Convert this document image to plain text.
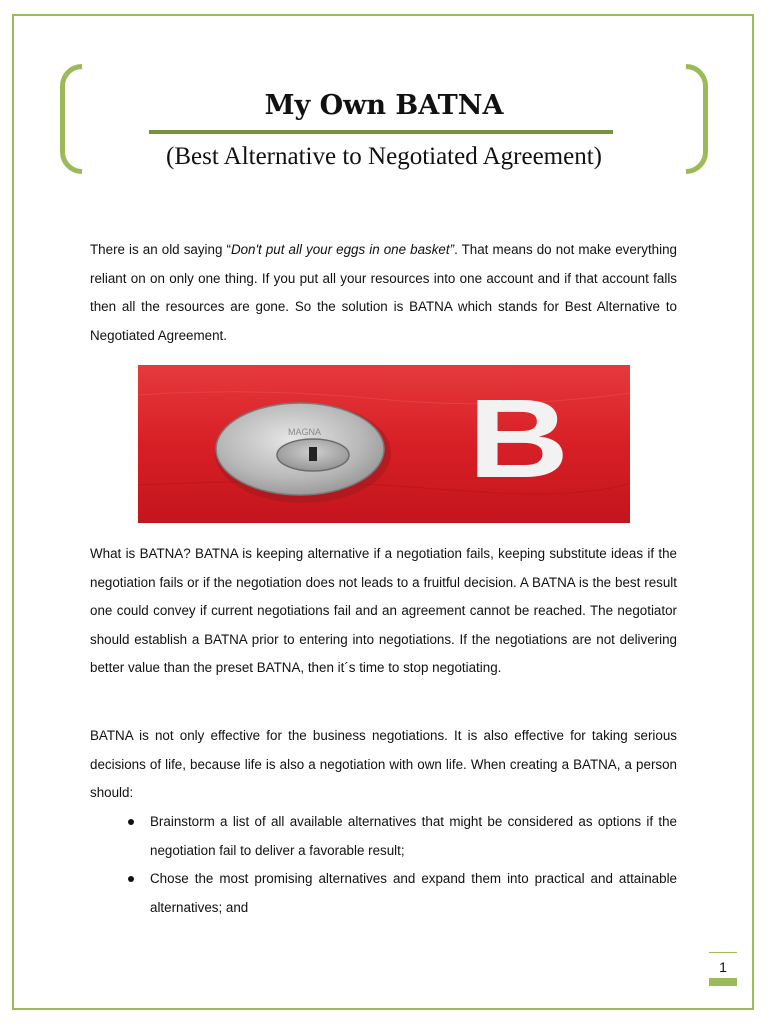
My Own BATNA
(Best Alternative to Negotiated Agreement)

There is an old saying “Don't put all your eggs in one basket”. That means do not make everything reliant on on only one thing. If you put all your resources into one account and if that account falls then all the resources are gone. So the solution is BATNA which stands for Best Alternative to Negotiated Agreement.

MAGNA B

What is BATNA? BATNA is keeping alternative if a negotiation fails, keeping substitute ideas if the negotiation fails or if the negotiation does not leads to a fruitful decision. A BATNA is the best result one could convey if current negotiations fail and an agreement cannot be reached. The negotiator should establish a BATNA prior to entering into negotiations. If the negotiations are not delivering better value than the preset BATNA, then it´s time to stop negotiating.

BATNA is not only effective for the business negotiations. It is also effective for taking serious decisions of life, because life is also a negotiation with own life. When creating a BATNA, a person should:

Brainstorm a list of all available alternatives that might be considered as options if the negotiation fail to deliver a favorable result;
Chose the most promising alternatives and expand them into practical and attainable alternatives; and
1
